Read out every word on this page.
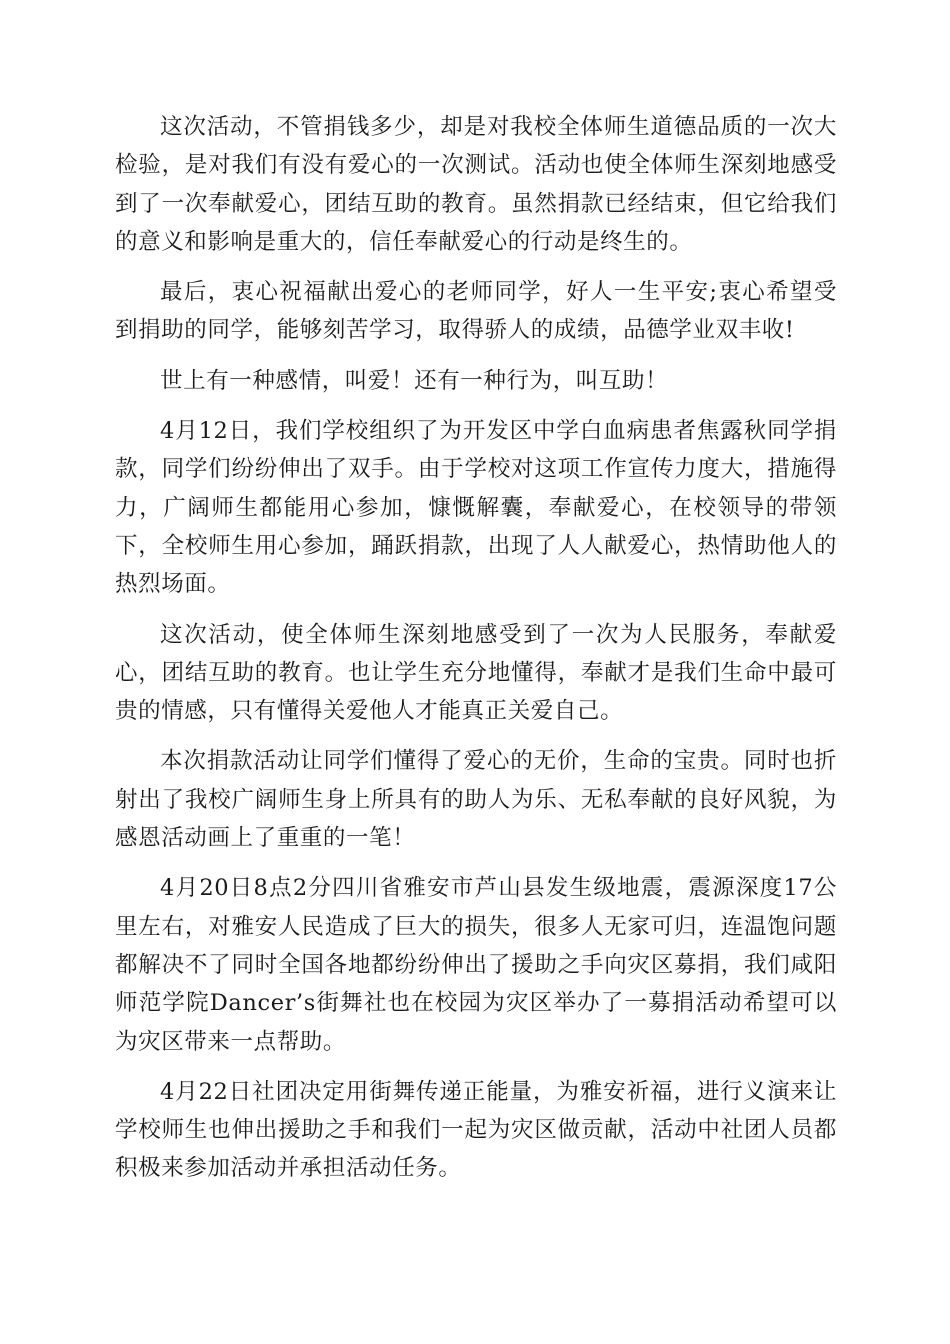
这次活动，不管捐钱多少，却是对我校全体师生道德品质的一次大检验，是对我们有没有爱心的一次测试。活动也使全体师生深刻地感受到了一次奉献爱心，团结互助的教育。虽然捐款已经结束，但它给我们的意义和影响是重大的，信任奉献爱心的行动是终生的。

最后，衷心祝福献出爱心的老师同学，好人一生平安;衷心希望受到捐助的同学，能够刻苦学习，取得骄人的成绩，品德学业双丰收!

世上有一种感情，叫爱！还有一种行为，叫互助！

4月12日，我们学校组织了为开发区中学白血病患者焦露秋同学捐款，同学们纷纷伸出了双手。由于学校对这项工作宣传力度大，措施得力，广阔师生都能用心参加，慷慨解囊，奉献爱心，在校领导的带领下，全校师生用心参加，踊跃捐款，出现了人人献爱心，热情助他人的热烈场面。

这次活动，使全体师生深刻地感受到了一次为人民服务，奉献爱心，团结互助的教育。也让学生充分地懂得，奉献才是我们生命中最可贵的情感，只有懂得关爱他人才能真正关爱自己。

本次捐款活动让同学们懂得了爱心的无价，生命的宝贵。同时也折射出了我校广阔师生身上所具有的助人为乐、无私奉献的良好风貌，为感恩活动画上了重重的一笔！

4月20日8点2分四川省雅安市芦山县发生级地震，震源深度17公里左右，对雅安人民造成了巨大的损失，很多人无家可归，连温饱问题都解决不了同时全国各地都纷纷伸出了援助之手向灾区募捐，我们咸阳师范学院Dancer’s街舞社也在校园为灾区举办了一募捐活动希望可以为灾区带来一点帮助。

4月22日社团决定用街舞传递正能量，为雅安祈福，进行义演来让学校师生也伸出援助之手和我们一起为灾区做贡献，活动中社团人员都积极来参加活动并承担活动任务。
